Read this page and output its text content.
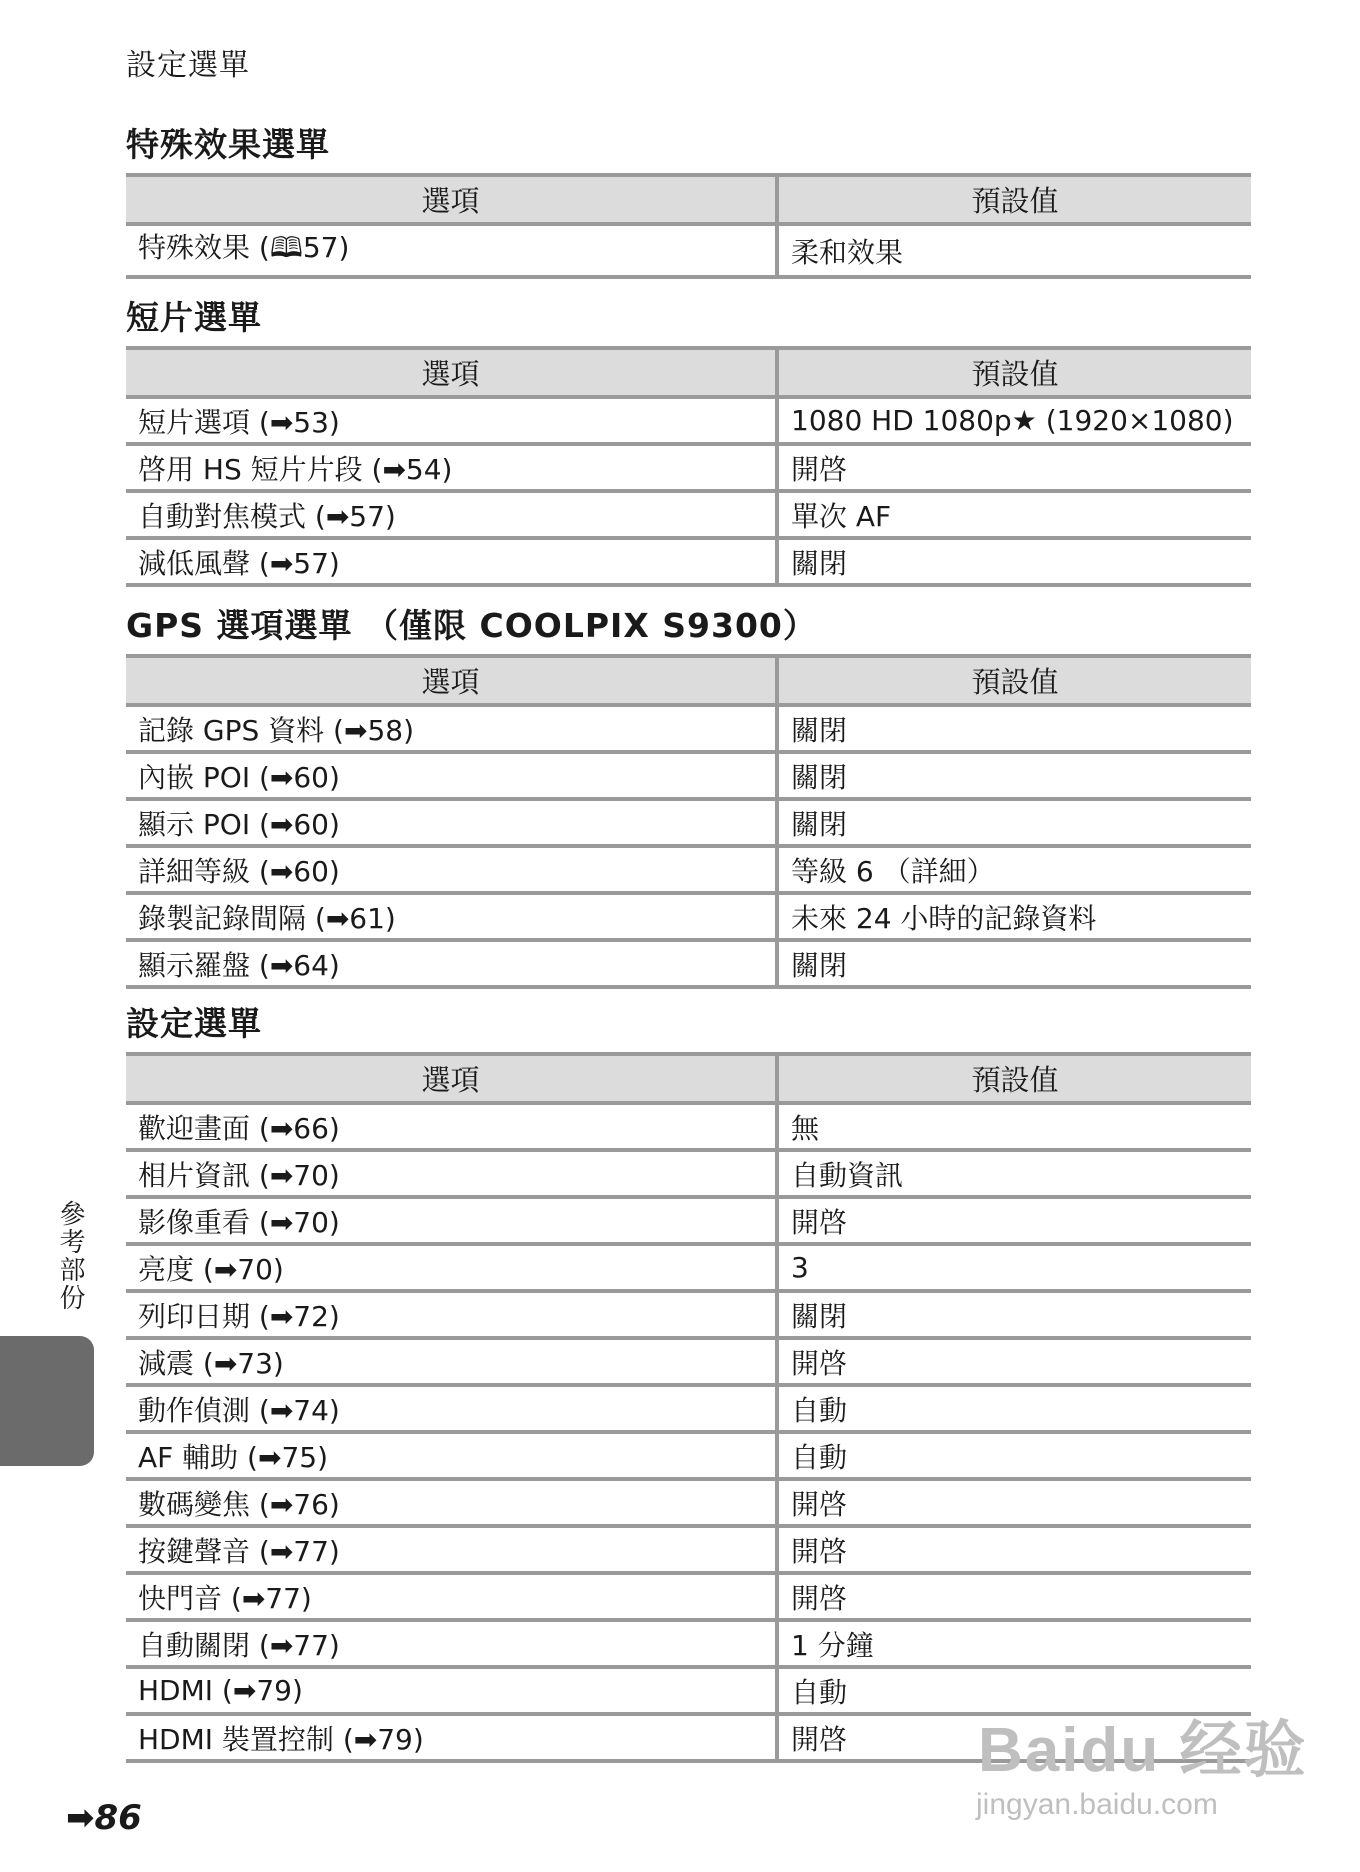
設定選單
特殊效果選單
選項	預設值
特殊效果 (🕮57)	柔和效果
短片選單
選項	預設值
短片選項 (➡53)	1080 HD 1080p★ (1920×1080)
啓用 HS 短片片段 (➡54)	開啓
自動對焦模式 (➡57)	單次 AF
減低風聲 (➡57)	關閉
GPS 選項選單 （僅限 COOLPIX S9300）
選項	預設值
記錄 GPS 資料 (➡58)	關閉
內嵌 POI (➡60)	關閉
顯示 POI (➡60)	關閉
詳細等級 (➡60)	等級 6 （詳細）
錄製記錄間隔 (➡61)	未來 24 小時的記錄資料
顯示羅盤 (➡64)	關閉
設定選單
選項	預設值
歡迎畫面 (➡66)	無
相片資訊 (➡70)	自動資訊
影像重看 (➡70)	開啓
亮度 (➡70)	3
列印日期 (➡72)	關閉
減震 (➡73)	開啓
動作偵測 (➡74)	自動
AF 輔助 (➡75)	自動
數碼變焦 (➡76)	開啓
按鍵聲音 (➡77)	開啓
快門音 (➡77)	開啓
自動關閉 (➡77)	1 分鐘
HDMI (➡79)	自動
HDMI 裝置控制 (➡79)	開啓
參考部份
➡86
Baidu 经验
jingyan.baidu.com
